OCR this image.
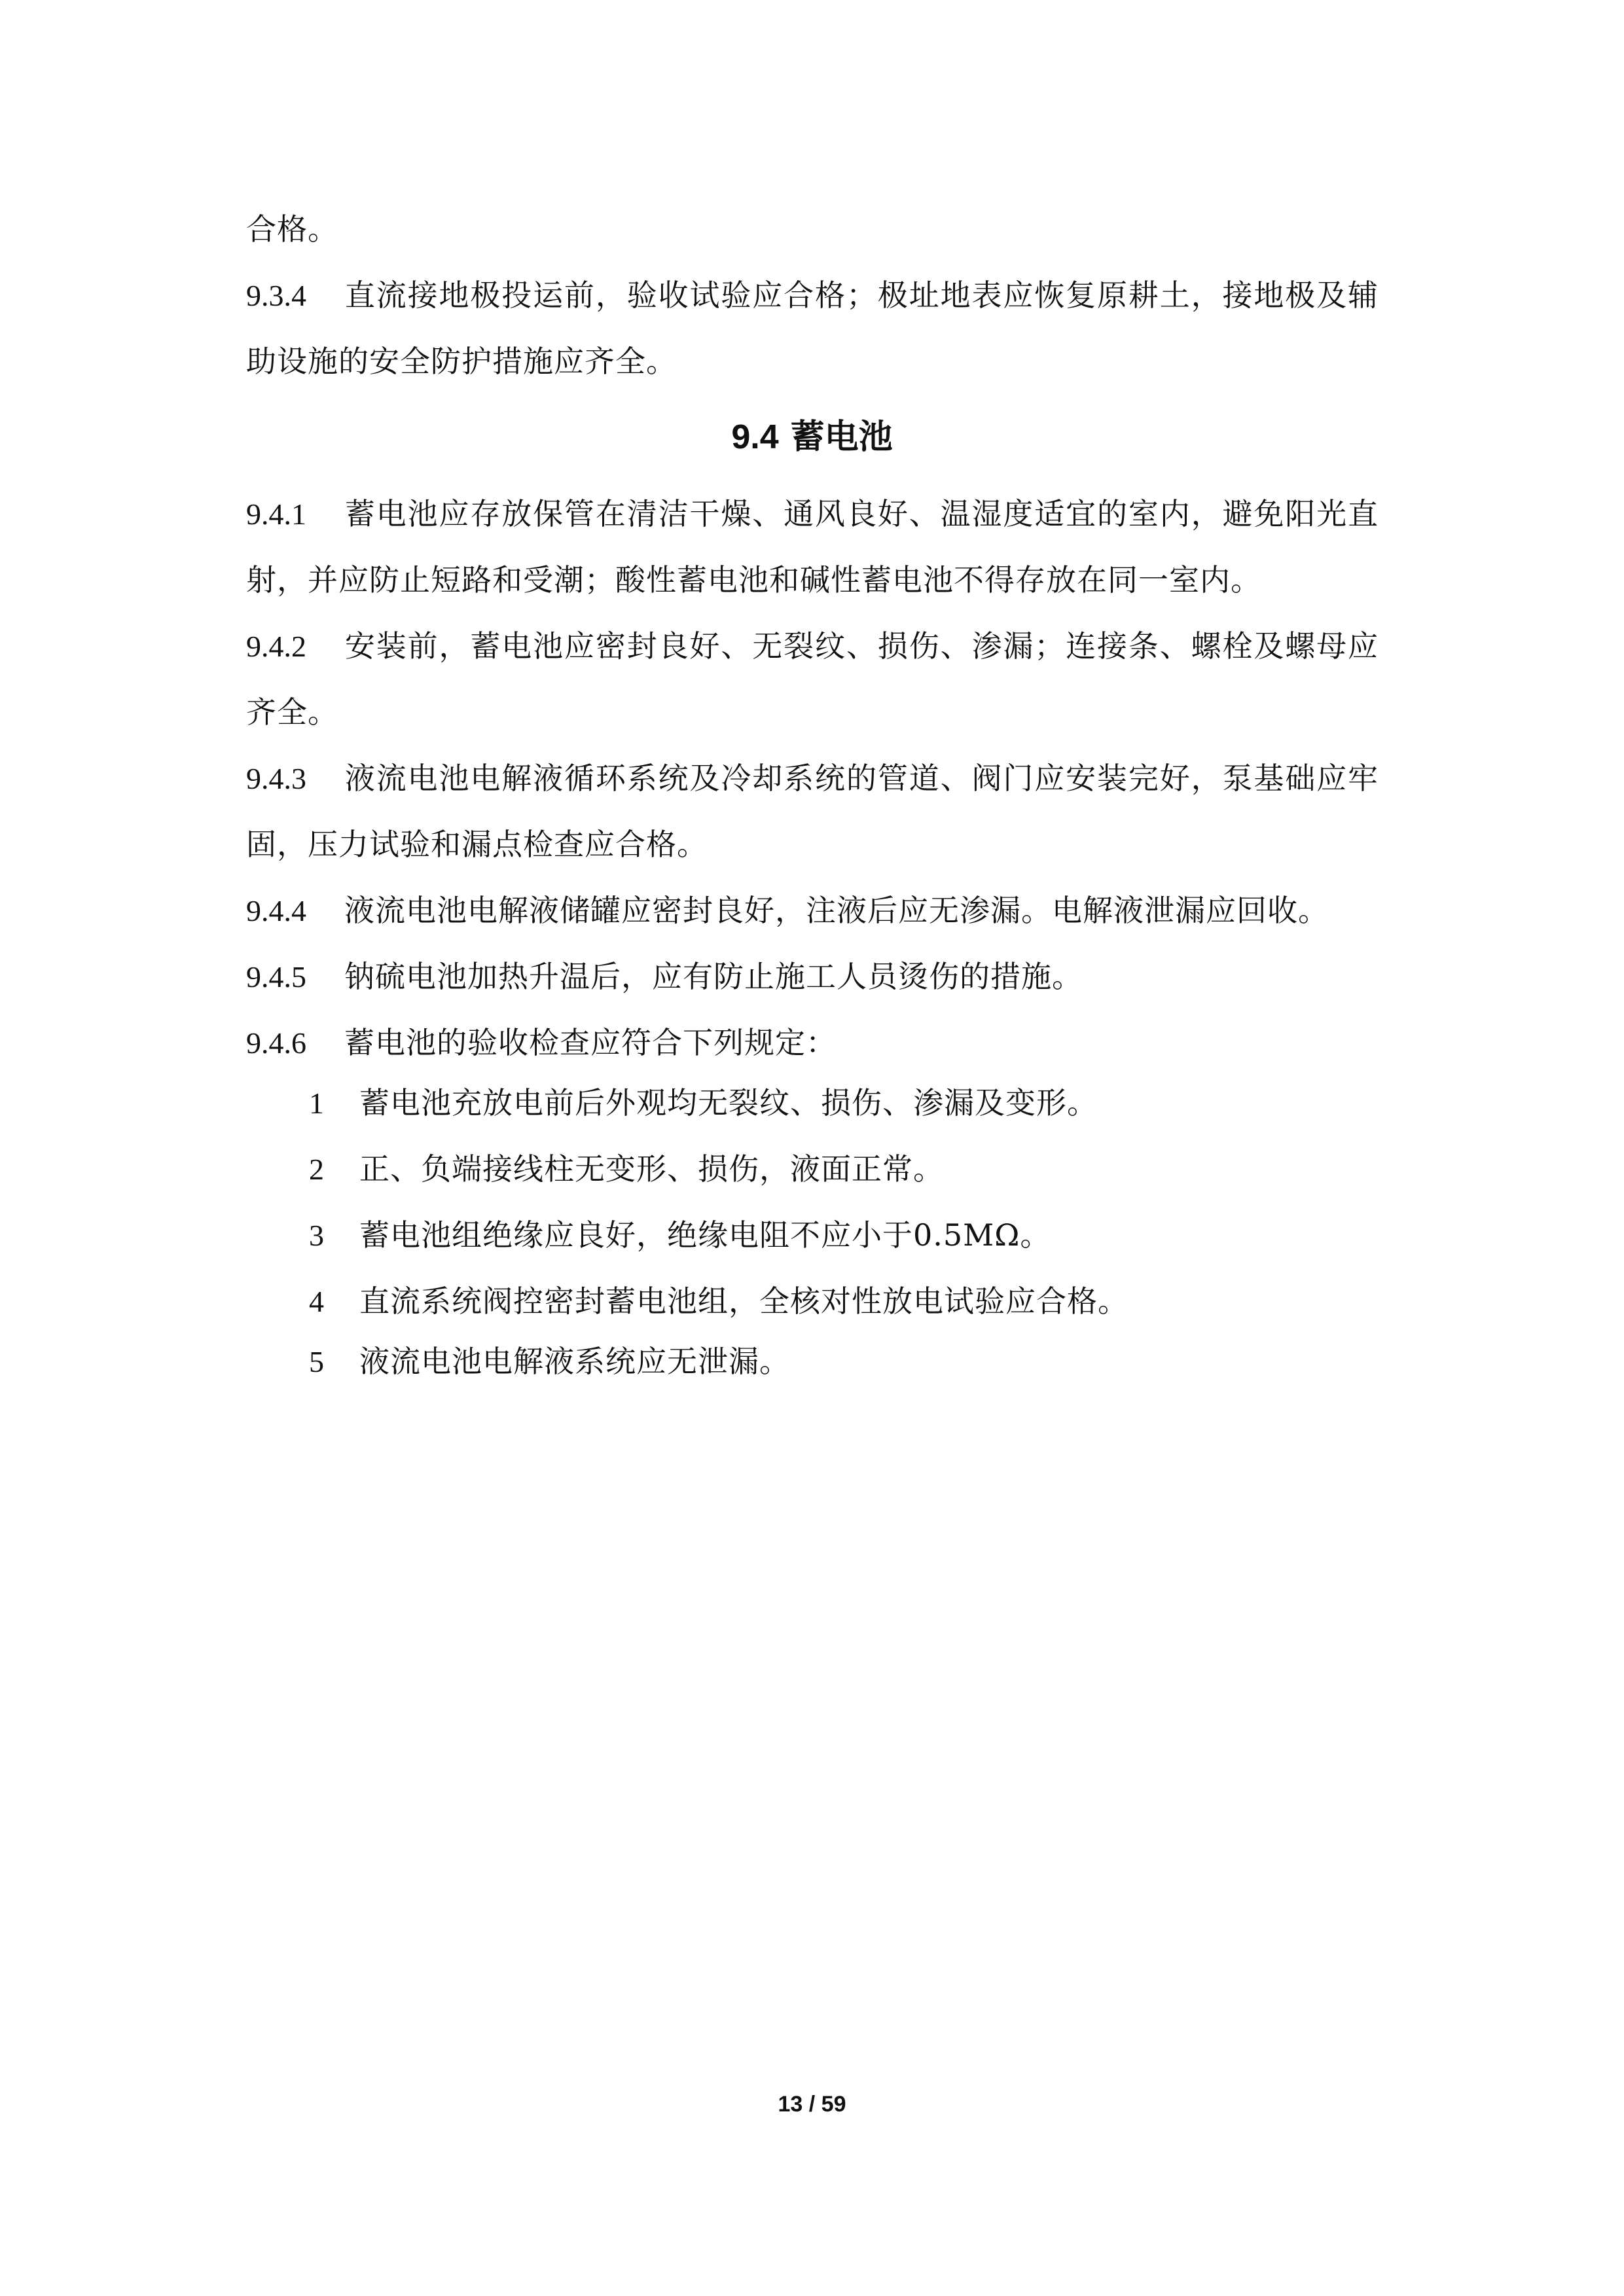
合格。

9.3.4 直流接地极投运前，验收试验应合格；极址地表应恢复原耕土，接地极及辅助设施的安全防护措施应齐全。

9.4 蓄电池

9.4.1 蓄电池应存放保管在清洁干燥、通风良好、温湿度适宜的室内，避免阳光直射，并应防止短路和受潮；酸性蓄电池和碱性蓄电池不得存放在同一室内。

9.4.2 安装前，蓄电池应密封良好、无裂纹、损伤、渗漏；连接条、螺栓及螺母应齐全。

9.4.3 液流电池电解液循环系统及冷却系统的管道、阀门应安装完好，泵基础应牢固，压力试验和漏点检查应合格。

9.4.4 液流电池电解液储罐应密封良好，注液后应无渗漏。电解液泄漏应回收。

9.4.5 钠硫电池加热升温后，应有防止施工人员烫伤的措施。

9.4.6 蓄电池的验收检查应符合下列规定：

1	蓄电池充放电前后外观均无裂纹、损伤、渗漏及变形。
2	正、负端接线柱无变形、损伤，液面正常。
3	蓄电池组绝缘应良好，绝缘电阻不应小于0.5MΩ。
4	直流系统阀控密封蓄电池组，全核对性放电试验应合格。
5	液流电池电解液系统应无泄漏。
13 / 59
